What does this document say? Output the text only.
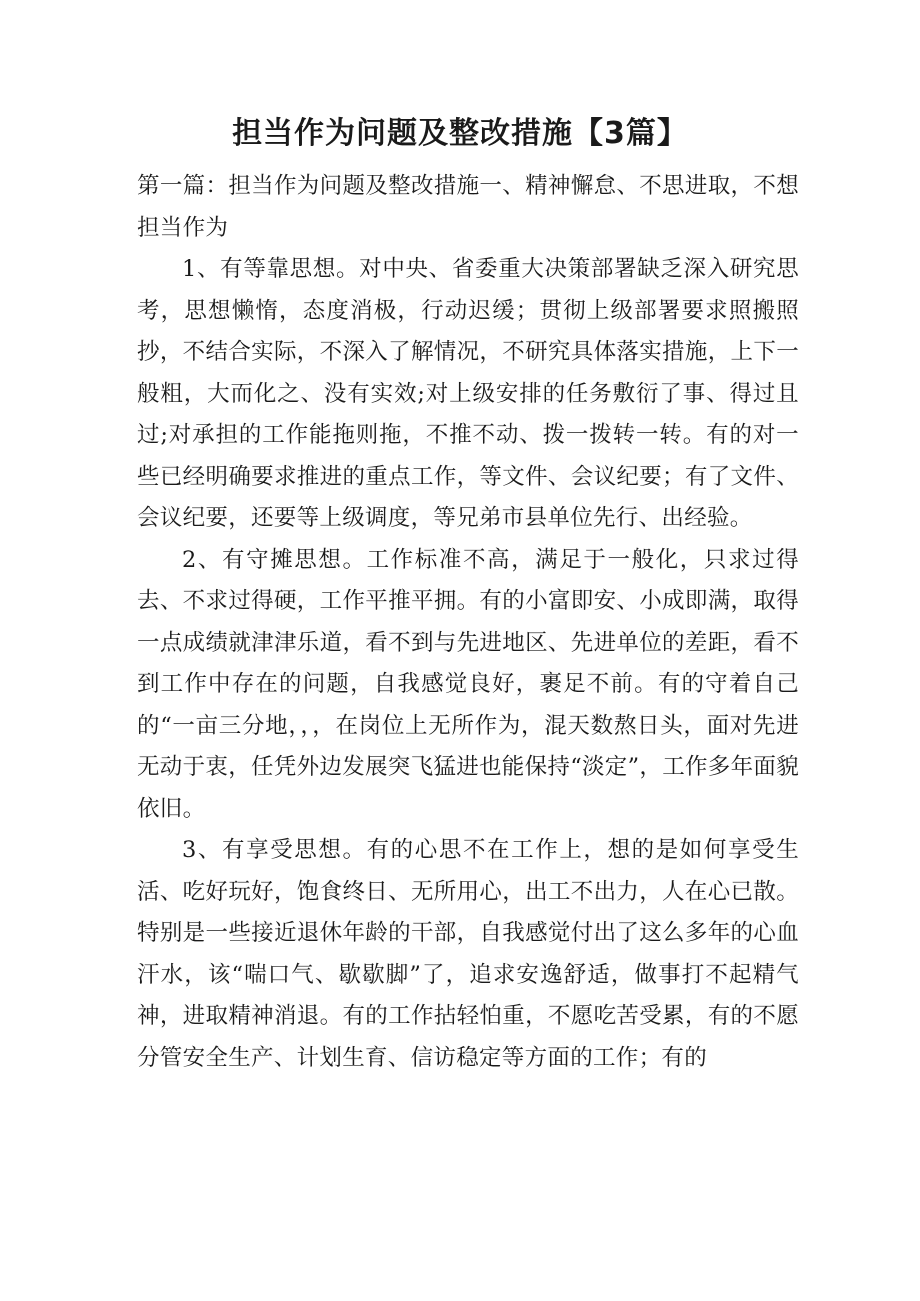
担当作为问题及整改措施【3篇】

第一篇：担当作为问题及整改措施一、精神懈怠、不思进取，不想担当作为

1、有等靠思想。对中央、省委重大决策部署缺乏深入研究思考，思想懒惰，态度消极，行动迟缓；贯彻上级部署要求照搬照抄，不结合实际，不深入了解情况，不研究具体落实措施，上下一般粗，大而化之、没有实效;对上级安排的任务敷衍了事、得过且过;对承担的工作能拖则拖，不推不动、拨一拨转一转。有的对一些已经明确要求推进的重点工作，等文件、会议纪要；有了文件、会议纪要，还要等上级调度，等兄弟市县单位先行、出经验。

2、有守摊思想。工作标准不高，满足于一般化，只求过得去、不求过得硬，工作平推平拥。有的小富即安、小成即满，取得一点成绩就津津乐道，看不到与先进地区、先进单位的差距，看不到工作中存在的问题，自我感觉良好，裹足不前。有的守着自己的“一亩三分地，，，在岗位上无所作为，混天数熬日头，面对先进无动于衷，任凭外边发展突飞猛进也能保持“淡定”，工作多年面貌依旧。

3、有享受思想。有的心思不在工作上，想的是如何享受生活、吃好玩好，饱食终日、无所用心，出工不出力，人在心已散。特别是一些接近退休年龄的干部，自我感觉付出了这么多年的心血汗水，该“喘口气、歇歇脚”了，追求安逸舒适，做事打不起精气神，进取精神消退。有的工作拈轻怕重，不愿吃苦受累，有的不愿分管安全生产、计划生育、信访稳定等方面的工作；有的
